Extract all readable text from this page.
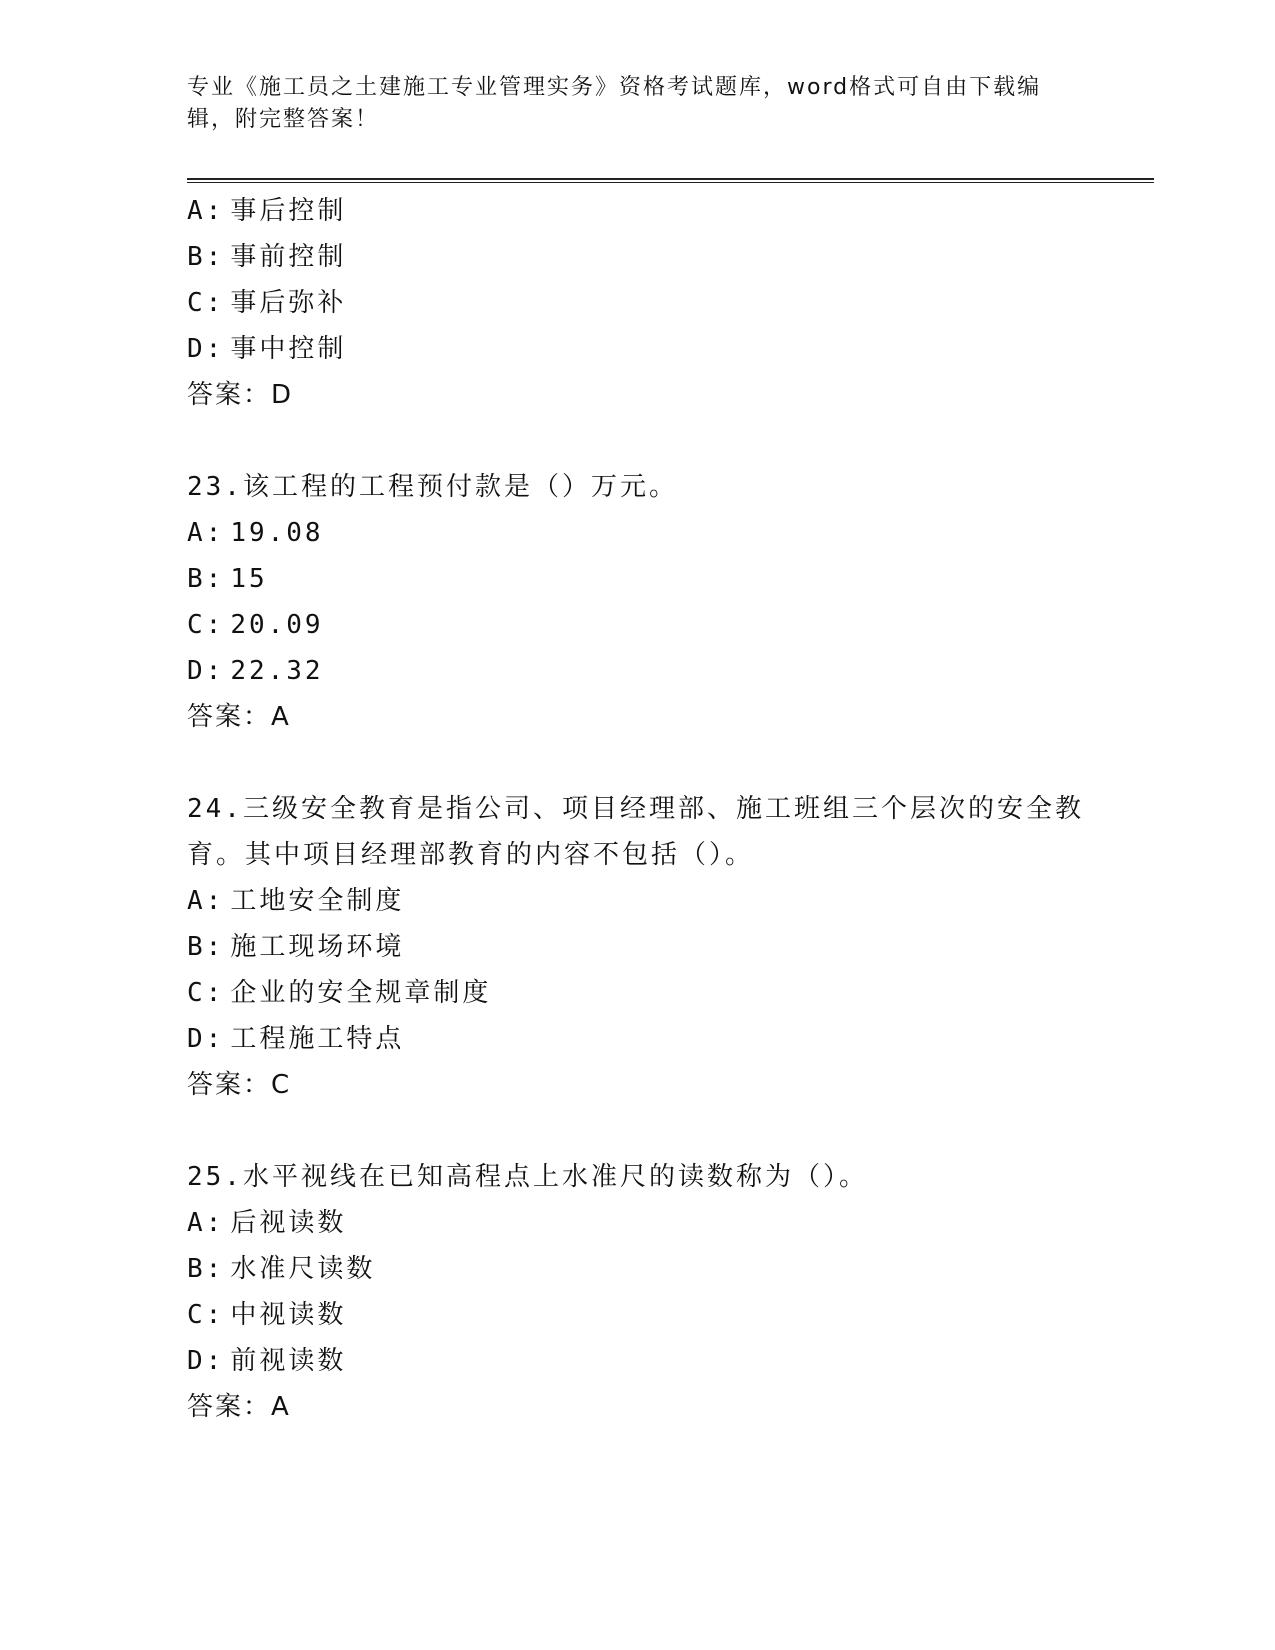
专业《施工员之土建施工专业管理实务》资格考试题库，word格式可自由下载编辑，附完整答案！
A: 事后控制
B: 事前控制
C: 事后弥补
D: 事中控制
答案：D
23.该工程的工程预付款是（）万元。
A: 19.08
B: 15
C: 20.09
D: 22.32
答案：A
24.三级安全教育是指公司、项目经理部、施工班组三个层次的安全教育。其中项目经理部教育的内容不包括（）。
A: 工地安全制度
B: 施工现场环境
C: 企业的安全规章制度
D: 工程施工特点
答案：C
25.水平视线在已知高程点上水准尺的读数称为（）。
A: 后视读数
B: 水准尺读数
C: 中视读数
D: 前视读数
答案：A
